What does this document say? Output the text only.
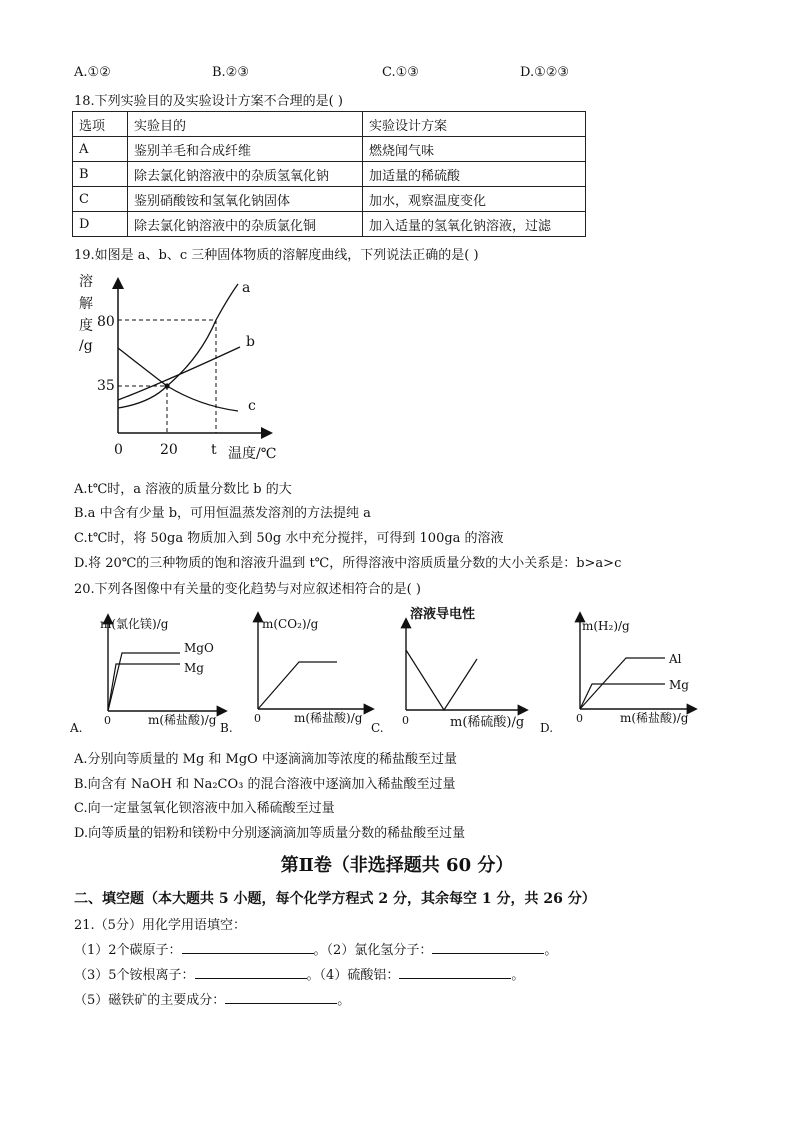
A.①②	B.②③	C.①③	D.①②③
18.下列实验目的及实验设计方案不合理的是( )
选项	实验目的	实验设计方案
A	鉴别羊毛和合成纤维	燃烧闻气味
B	除去氯化钠溶液中的杂质氢氧化钠	加适量的稀硫酸
C	鉴别硝酸铵和氢氧化钠固体	加水，观察温度变化
D	除去氯化钠溶液中的杂质氯化铜	加入适量的氢氧化钠溶液，过滤
19.如图是 a、b、c 三种固体物质的溶解度曲线，下列说法正确的是( )
溶
解
度
/g
80
35
0	20 t 温度/℃
a
b
c
A.t℃时，a 溶液的质量分数比 b 的大
B.a 中含有少量 b，可用恒温蒸发溶剂的方法提纯 a
C.t℃时，将 50ga 物质加入到 50g 水中充分搅拌，可得到 100ga 的溶液
D.将 20℃的三种物质的饱和溶液升温到 t℃，所得溶液中溶质质量分数的大小关系是：b>a>c
20.下列各图像中有关量的变化趋势与对应叙述相符合的是( )
m(氯化镁)/g
0	m(稀盐酸)/g
A.
MgO
Mg
m(CO₂)/g
0	m(稀盐酸)/g
B.
溶液导电性
0	m(稀硫酸)/g
C.
m(H₂)/g
0	m(稀盐酸)/g
D.
Al
Mg
A.分别向等质量的 Mg 和 MgO 中逐滴滴加等浓度的稀盐酸至过量
B.向含有 NaOH 和 Na₂CO₃ 的混合溶液中逐滴加入稀盐酸至过量
C.向一定量氢氧化钡溶液中加入稀硫酸至过量
D.向等质量的铝粉和镁粉中分别逐滴滴加等质量分数的稀盐酸至过量
第Ⅱ卷（非选择题共 60 分）
二、填空题（本大题共 5 小题，每个化学方程式 2 分，其余每空 1 分，共 26 分）
21.（5分）用化学用语填空：
（1）2个碳原子：	。（2）氯化氢分子：	。
（3）5个铵根离子：	。（4）硫酸铝：	。
（5）磁铁矿的主要成分：	。
